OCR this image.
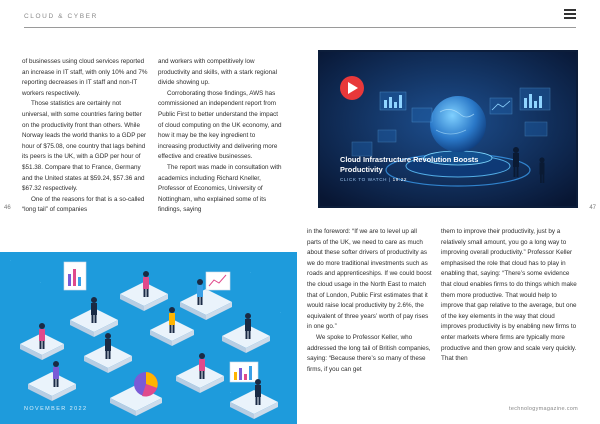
CLOUD & CYBER

of businesses using cloud services reported an increase in IT staff, with only 10% and 7% reporting decreases in IT staff and non-IT workers respectively.

Those statistics are certainly not universal, with some countries faring better on the productivity front than others. While Norway leads the world thanks to a GDP per hour of $75.08, one country that lags behind its peers is the UK, with a GDP per hour of $51.38. Compare that to France, Germany and the United states at $59.24, $57.36 and $67.32 respectively.

One of the reasons for that is a so-called “long tail” of companies

and workers with competitively low productivity and skills, with a stark regional divide showing up.

Corroborating those findings, AWS has commissioned an independent report from Public First to better understand the impact of cloud computing on the UK economy, and how it may be the key ingredient to increasing productivity and delivering more effective and creative businesses.

The report was made in consultation with academics including Richard Kneller, Professor of Economics, University of Nottingham, who explained some of its findings, saying

46	47
Cloud Infrastructure Revolution Boosts Productivity
CLICK TO WATCH | 19:22

in the foreword: “If we are to level up all parts of the UK, we need to care as much about these softer drivers of productivity as we do more traditional investments such as roads and apprenticeships. If we could boost the cloud usage in the North East to match that of London, Public First estimates that it would raise local productivity by 2.6%, the equivalent of three years’ worth of pay rises in one go.”

We spoke to Professor Keller, who addressed the long tail of British companies, saying: “Because there’s so many of these firms, if you can get

them to improve their productivity, just by a relatively small amount, you go a long way to improving overall productivity.” Professor Keller emphasised the role that cloud has to play in enabling that, saying: “There’s some evidence that cloud enables firms to do things which make them more productive. That would help to improve that gap relative to the average, but one of the key elements in the way that cloud improves productivity is by enabling new firms to enter markets where firms are typically more productive and then grow and scale very quickly. That then

NOVEMBER 2022	technologymagazine.com
